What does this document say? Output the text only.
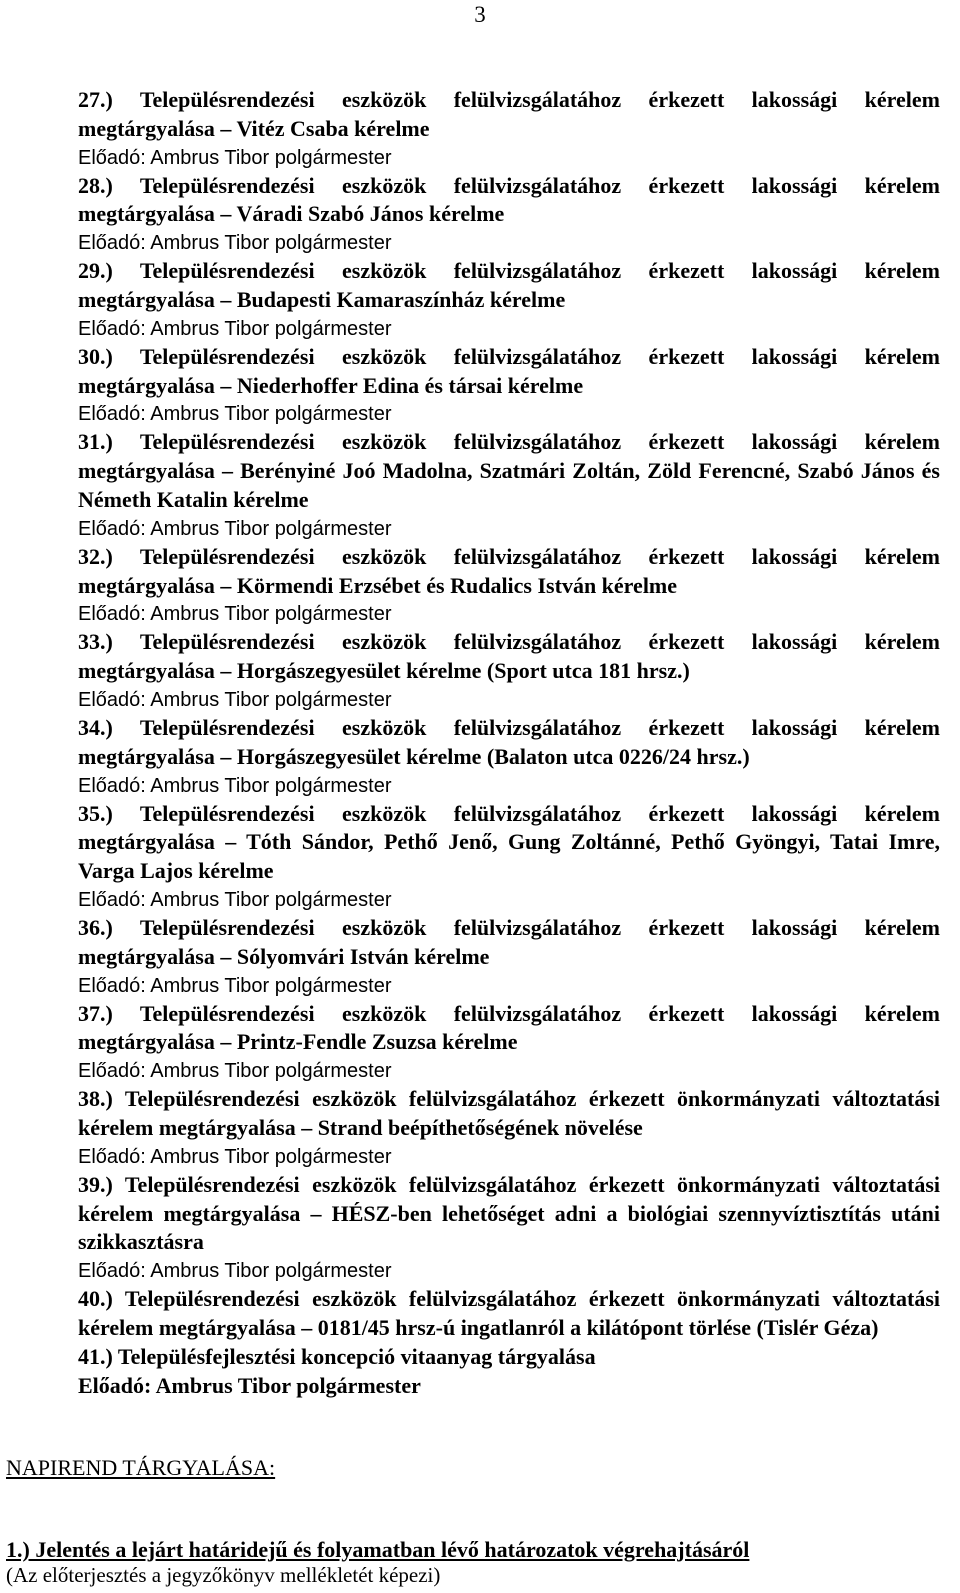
3
27.) Településrendezési eszközök felülvizsgálatához érkezett lakossági kérelem megtárgyalása – Vitéz Csaba kérelme
Előadó: Ambrus Tibor polgármester
28.) Településrendezési eszközök felülvizsgálatához érkezett lakossági kérelem megtárgyalása – Váradi Szabó János kérelme
Előadó: Ambrus Tibor polgármester
29.) Településrendezési eszközök felülvizsgálatához érkezett lakossági kérelem megtárgyalása – Budapesti Kamaraszínház kérelme
Előadó: Ambrus Tibor polgármester
30.) Településrendezési eszközök felülvizsgálatához érkezett lakossági kérelem megtárgyalása – Niederhoffer Edina és társai kérelme
Előadó: Ambrus Tibor polgármester
31.) Településrendezési eszközök felülvizsgálatához érkezett lakossági kérelem megtárgyalása – Berényiné Joó Madolna, Szatmári Zoltán, Zöld Ferencné, Szabó János és Németh Katalin kérelme
Előadó: Ambrus Tibor polgármester
32.) Településrendezési eszközök felülvizsgálatához érkezett lakossági kérelem megtárgyalása – Körmendi Erzsébet és Rudalics István kérelme
Előadó: Ambrus Tibor polgármester
33.) Településrendezési eszközök felülvizsgálatához érkezett lakossági kérelem megtárgyalása – Horgászegyesület kérelme (Sport utca 181 hrsz.)
Előadó: Ambrus Tibor polgármester
34.) Településrendezési eszközök felülvizsgálatához érkezett lakossági kérelem megtárgyalása – Horgászegyesület kérelme (Balaton utca 0226/24 hrsz.)
Előadó: Ambrus Tibor polgármester
35.) Településrendezési eszközök felülvizsgálatához érkezett lakossági kérelem megtárgyalása – Tóth Sándor, Pethő Jenő, Gung Zoltánné, Pethő Gyöngyi, Tatai Imre, Varga Lajos kérelme
Előadó: Ambrus Tibor polgármester
36.) Településrendezési eszközök felülvizsgálatához érkezett lakossági kérelem megtárgyalása – Sólyomvári István kérelme
Előadó: Ambrus Tibor polgármester
37.) Településrendezési eszközök felülvizsgálatához érkezett lakossági kérelem megtárgyalása – Printz-Fendle Zsuzsa kérelme
Előadó: Ambrus Tibor polgármester
38.) Településrendezési eszközök felülvizsgálatához érkezett önkormányzati változtatási kérelem megtárgyalása – Strand beépíthetőségének növelése
Előadó: Ambrus Tibor polgármester
39.) Településrendezési eszközök felülvizsgálatához érkezett önkormányzati változtatási kérelem megtárgyalása – HÉSZ-ben lehetőséget adni a biológiai szennyvíztisztítás utáni szikkasztásra
Előadó: Ambrus Tibor polgármester
40.) Településrendezési eszközök felülvizsgálatához érkezett önkormányzati változtatási kérelem megtárgyalása – 0181/45 hrsz-ú ingatlanról a kilátópont törlése (Tislér Géza)
41.) Településfejlesztési koncepció vitaanyag tárgyalása
Előadó: Ambrus Tibor polgármester
NAPIREND TÁRGYALÁSA:
1.) Jelentés a lejárt határidejű és folyamatban lévő határozatok végrehajtásáról
(Az előterjesztés a jegyzőkönyv mellékletét képezi)
